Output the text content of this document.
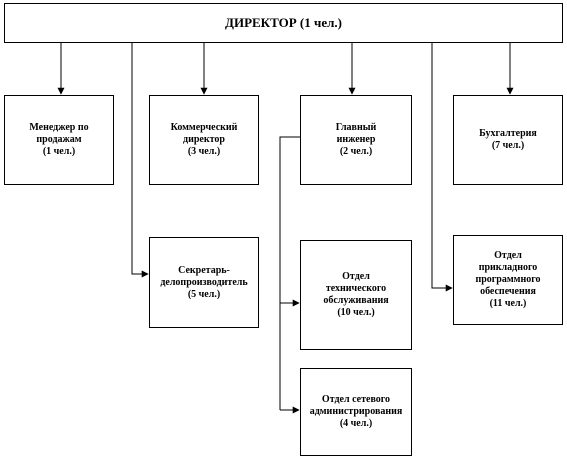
ДИРЕКТОР (1 чел.)
Менеджер по
продажам
(1 чел.)
Коммерческий
директор
(3 чел.)
Главный
инженер
(2 чел.)
Бухгалтерия
(7 чел.)
Секретарь-
делопроизводитель
(5 чел.)
Отдел
технического
обслуживания
(10 чел.)
Отдел
прикладного
программного
обеспечения
(11 чел.)
Отдел сетевого
администрирования
(4 чел.)
